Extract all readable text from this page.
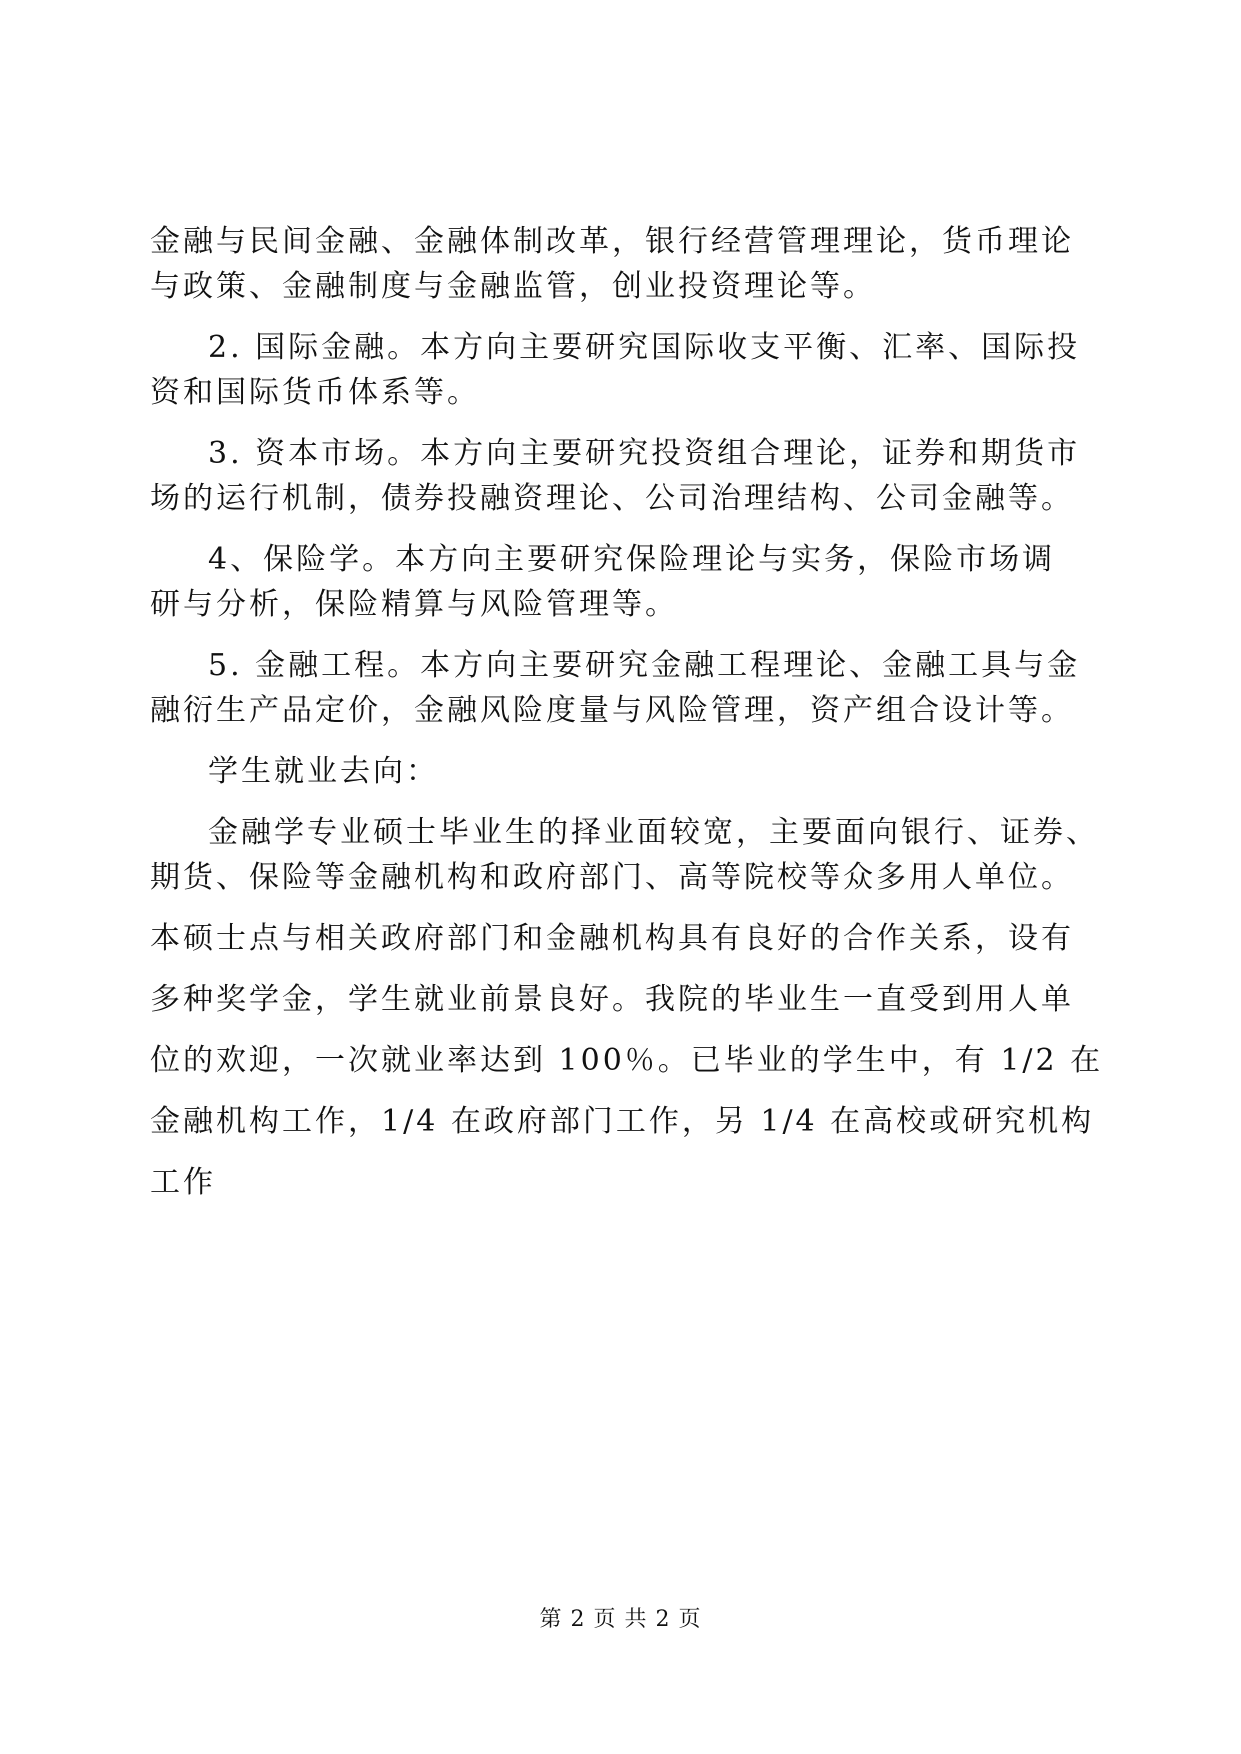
金融与民间金融、金融体制改革，银行经营管理理论，货币理论
与政策、金融制度与金融监管，创业投资理论等。
2. 国际金融。本方向主要研究国际收支平衡、汇率、国际投
资和国际货币体系等。
3. 资本市场。本方向主要研究投资组合理论，证券和期货市
场的运行机制，债券投融资理论、公司治理结构、公司金融等。
4、保险学。本方向主要研究保险理论与实务，保险市场调
研与分析，保险精算与风险管理等。
5. 金融工程。本方向主要研究金融工程理论、金融工具与金
融衍生产品定价，金融风险度量与风险管理，资产组合设计等。
学生就业去向：
金融学专业硕士毕业生的择业面较宽，主要面向银行、证券、
期货、保险等金融机构和政府部门、高等院校等众多用人单位。
本硕士点与相关政府部门和金融机构具有良好的合作关系，设有
多种奖学金，学生就业前景良好。我院的毕业生一直受到用人单
位的欢迎，一次就业率达到 100％。已毕业的学生中，有 1/2 在
金融机构工作，1/4 在政府部门工作，另 1/4 在高校或研究机构
工作
第 2 页 共 2 页
